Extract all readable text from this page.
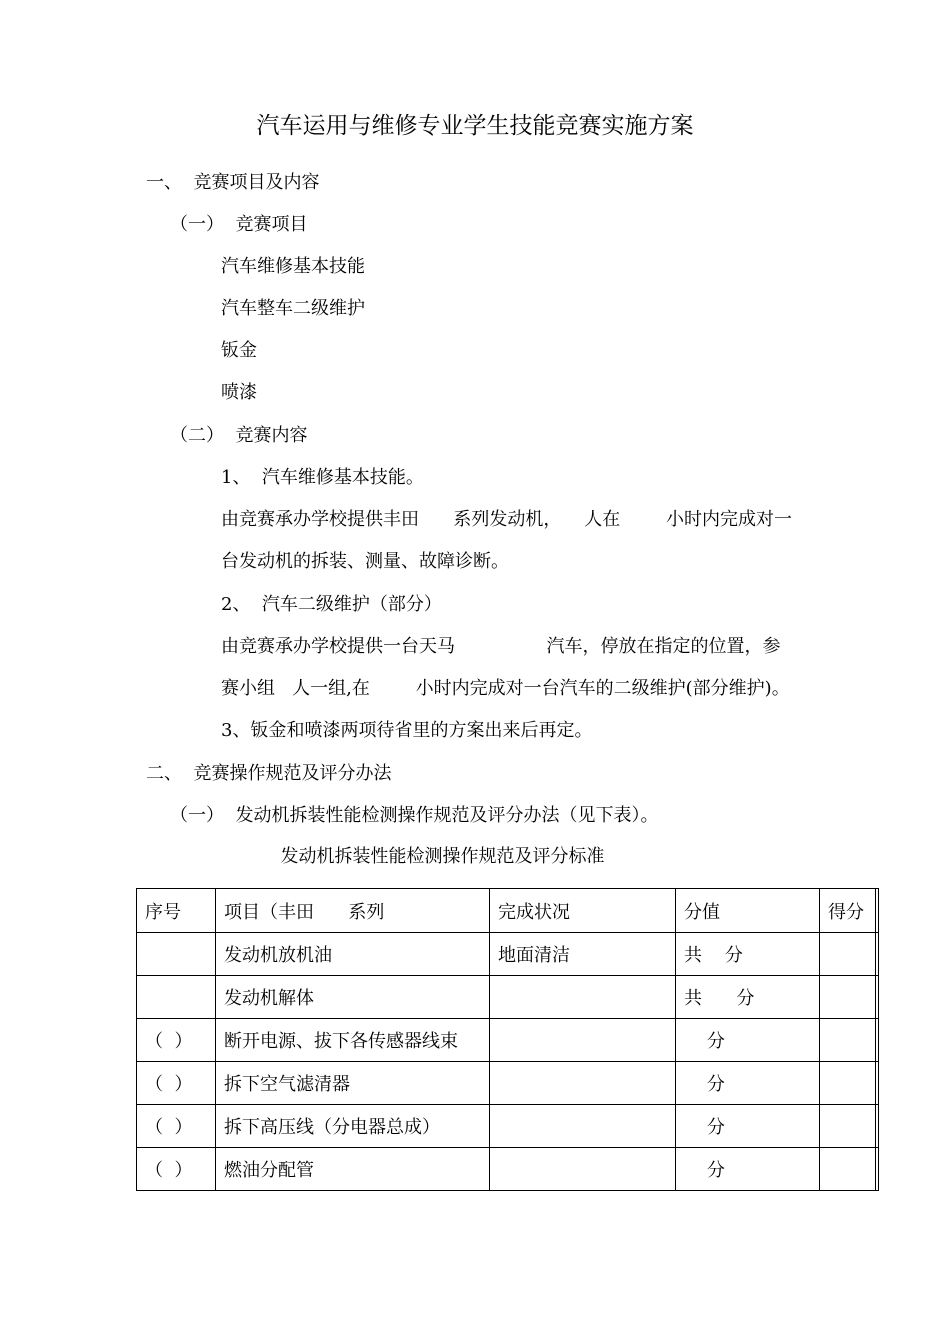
汽车运用与维修专业学生技能竞赛实施方案
一、  竞赛项目及内容
（一）  竞赛项目
汽车维修基本技能
汽车整车二级维护
钣金
喷漆
（二）  竞赛内容
1、  汽车维修基本技能。
由竞赛承办学校提供丰田      系列发动机，    人在        小时内完成对一
台发动机的拆装、测量、故障诊断。
2、  汽车二级维护（部分）
由竞赛承办学校提供一台天马                汽车，停放在指定的位置，参
赛小组   人一组,在        小时内完成对一台汽车的二级维护(部分维护)。
3、钣金和喷漆两项待省里的方案出来后再定。
二、  竞赛操作规范及评分办法
（一）  发动机拆装性能检测操作规范及评分办法（见下表）。
发动机拆装性能检测操作规范及评分标准
序号	项目（丰田      系列	完成状况	分值	得分
	发动机放机油	地面清洁	共    分	
	发动机解体		共      分	
（  ）	断开电源、拔下各传感器线束		分	
（  ）	拆下空气滤清器		分	
（  ）	拆下高压线（分电器总成）		分	
（  ）	燃油分配管		分	
